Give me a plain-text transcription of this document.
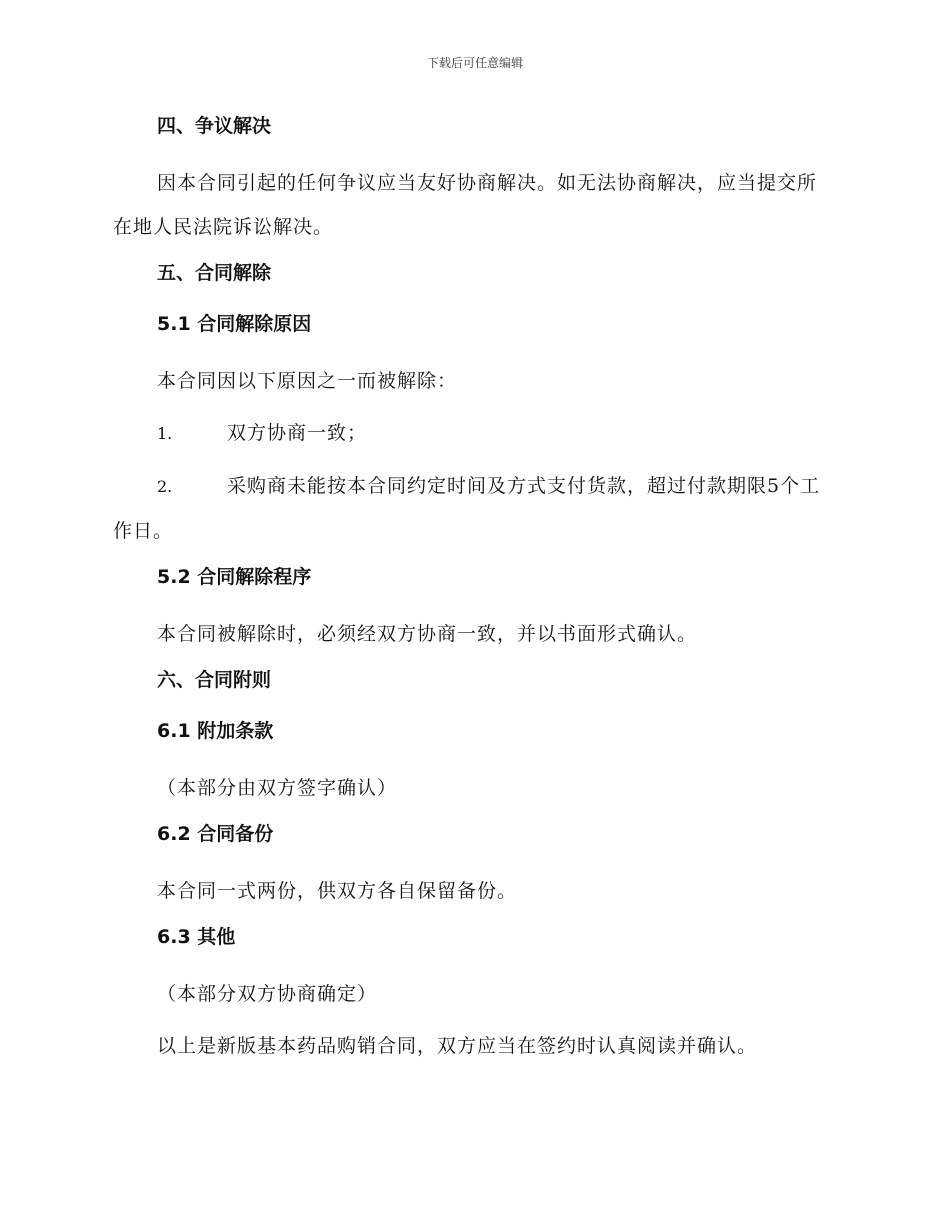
下载后可任意编辑
四、争议解决
因本合同引起的任何争议应当友好协商解决。如无法协商解决，应当提交所在地人民法院诉讼解决。
五、合同解除
5.1 合同解除原因
本合同因以下原因之一而被解除：
1.	双方协商一致；
2.	采购商未能按本合同约定时间及方式支付货款，超过付款期限5个工作日。
5.2 合同解除程序
本合同被解除时，必须经双方协商一致，并以书面形式确认。
六、合同附则
6.1 附加条款
（本部分由双方签字确认）
6.2 合同备份
本合同一式两份，供双方各自保留备份。
6.3 其他
（本部分双方协商确定）
以上是新版基本药品购销合同，双方应当在签约时认真阅读并确认。
